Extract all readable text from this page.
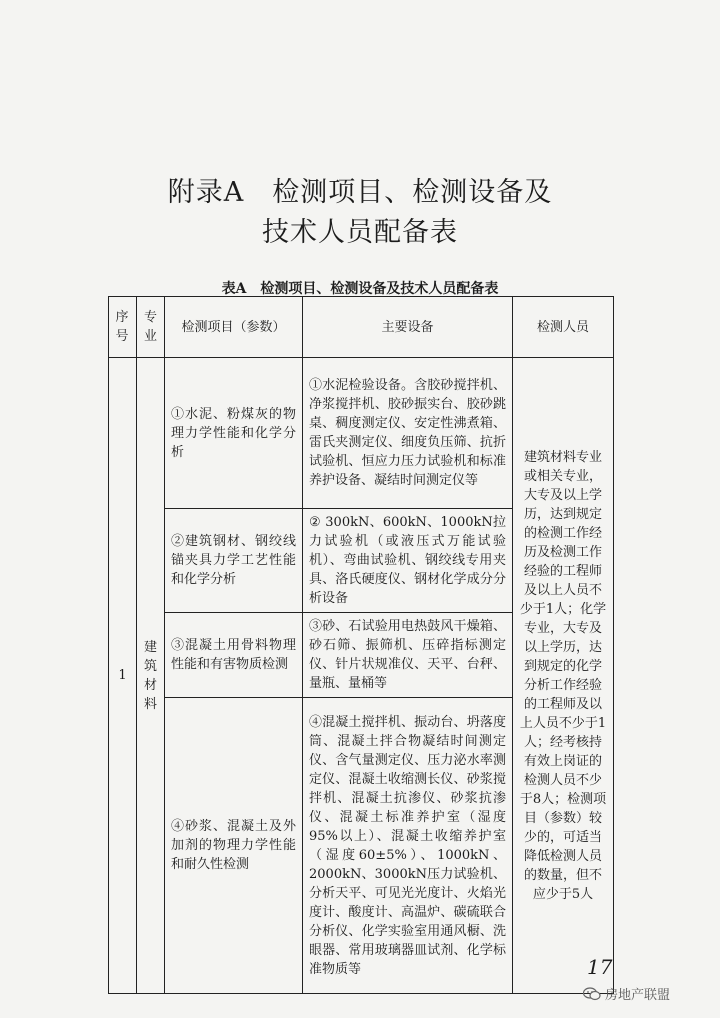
附录A　检测项目、检测设备及
技术人员配备表
表A　检测项目、检测设备及技术人员配备表
序号	专业	检测项目（参数）	主要设备	检测人员
1	建筑材料	①水泥、粉煤灰的物理力学性能和化学分析	①水泥检验设备。含胶砂搅拌机、净浆搅拌机、胶砂振实台、胶砂跳桌、稠度测定仪、安定性沸煮箱、雷氏夹测定仪、细度负压筛、抗折试验机、恒应力压力试验机和标准养护设备、凝结时间测定仪等	建筑材料专业或相关专业，大专及以上学历，达到规定的检测工作经历及检测工作经验的工程师及以上人员不少于1人；化学专业，大专及以上学历，达到规定的化学分析工作经验的工程师及以上人员不少于1人；经考核持有效上岗证的检测人员不少于8人；检测项目（参数）较少的，可适当降低检测人员的数量，但不应少于5人
		②建筑钢材、钢绞线锚夹具力学工艺性能和化学分析	② 300kN、600kN、1000kN拉力试验机（或液压式万能试验机）、弯曲试验机、钢绞线专用夹具、洛氏硬度仪、钢材化学成分分析设备	
		③混凝土用骨料物理性能和有害物质检测	③砂、石试验用电热鼓风干燥箱、砂石筛、振筛机、压碎指标测定仪、针片状规准仪、天平、台秤、量瓶、量桶等	
		④砂浆、混凝土及外加剂的物理力学性能和耐久性检测	④混凝土搅拌机、振动台、坍落度筒、混凝土拌合物凝结时间测定仪、含气量测定仪、压力泌水率测定仪、混凝土收缩测长仪、砂浆搅拌机、混凝土抗渗仪、砂浆抗渗仪、混凝土标准养护室（湿度95%以上）、混凝土收缩养护室（湿度60±5%）、1000kN、2000kN、3000kN压力试验机、分析天平、可见光光度计、火焰光度计、酸度计、高温炉、碳硫联合分析仪、化学实验室用通风橱、洗眼器、常用玻璃器皿试剂、化学标准物质等		17
房地产联盟
